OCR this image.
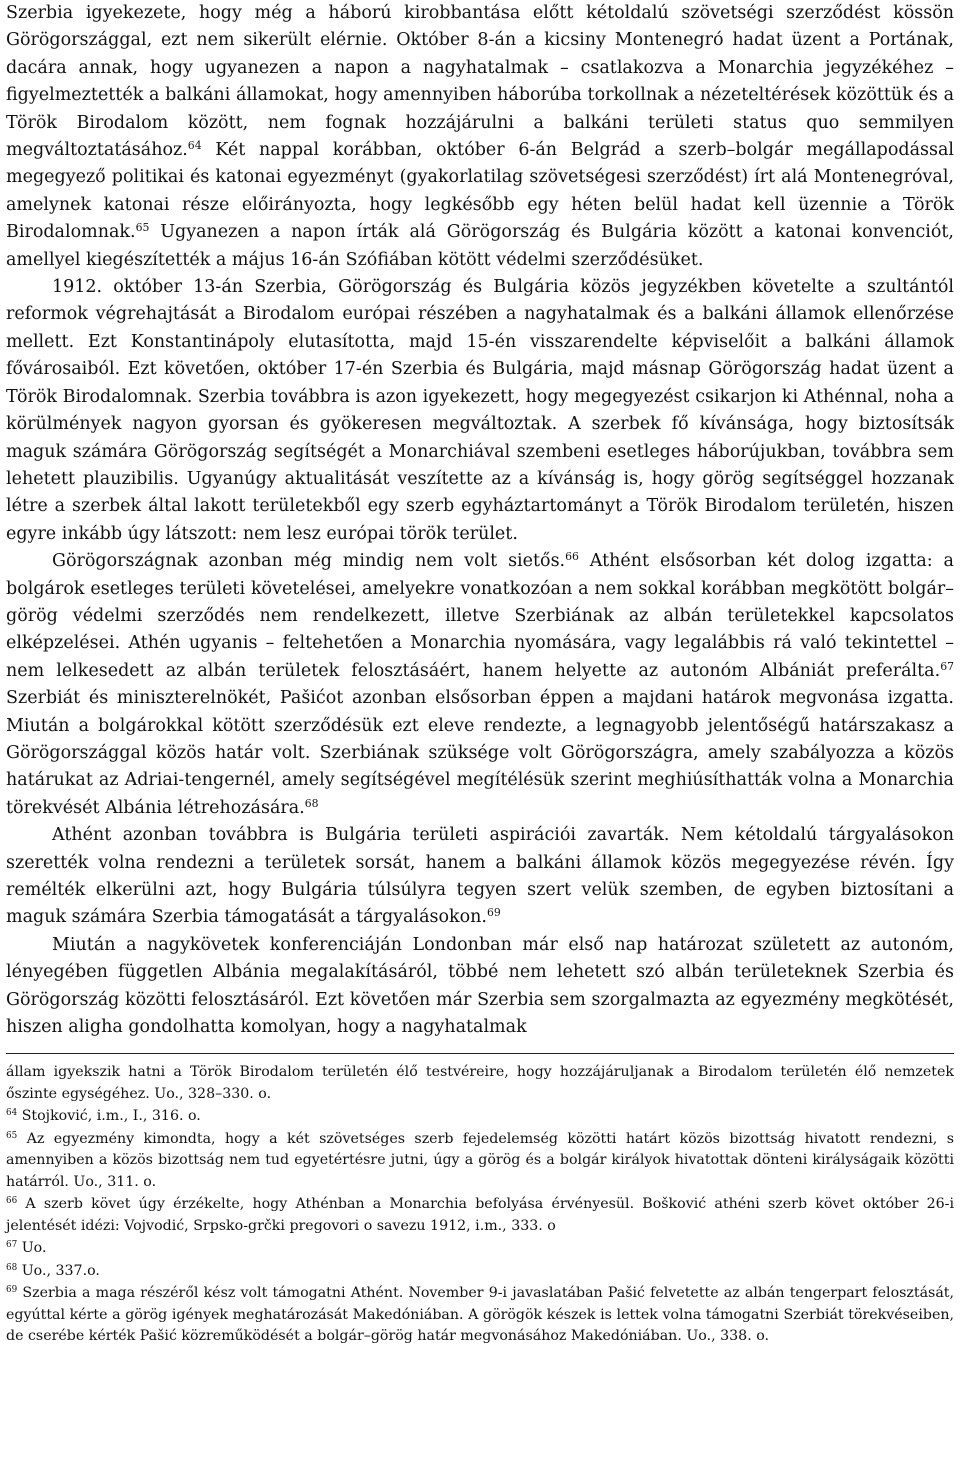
Szerbia igyekezete, hogy még a háború kirobbantása előtt kétoldalú szövetségi szerződést kössön Görögországgal, ezt nem sikerült elérnie. Október 8-án a kicsiny Montenegró hadat üzent a Portának, dacára annak, hogy ugyanezen a napon a nagyhatalmak – csatlakozva a Monarchia jegyzékéhez – figyelmeztették a balkáni államokat, hogy amennyiben háborúba torkollnak a nézeteltérések közöttük és a Török Birodalom között, nem fognak hozzájárulni a balkáni területi status quo semmilyen megváltoztatásához.$^{64}$ Két nappal korábban, október 6-án Belgrád a szerb–bolgár megállapodással megegyező politikai és katonai egyezményt (gyakorlatilag szövetségesi szerződést) írt alá Montenegróval, amelynek katonai része előirányozta, hogy legkésőbb egy héten belül hadat kell üzennie a Török Birodalomnak.$^{65}$ Ugyanezen a napon írták alá Görögország és Bulgária között a katonai konvenciót, amellyel kiegészítették a május 16-án Szófiában kötött védelmi szerződésüket.

1912. október 13-án Szerbia, Görögország és Bulgária közös jegyzékben követelte a szultántól reformok végrehajtását a Birodalom európai részében a nagyhatalmak és a balkáni államok ellenőrzése mellett. Ezt Konstantinápoly elutasította, majd 15-én visszarendelte képviselőit a balkáni államok fővárosaiból. Ezt követően, október 17-én Szerbia és Bulgária, majd másnap Görögország hadat üzent a Török Birodalomnak. Szerbia továbbra is azon igyekezett, hogy megegyezést csikarjon ki Athénnal, noha a körülmények nagyon gyorsan és gyökeresen megváltoztak. A szerbek fő kívánsága, hogy biztosítsák maguk számára Görögország segítségét a Monarchiával szembeni esetleges háborújukban, továbbra sem lehetett plauzibilis. Ugyanúgy aktualitását veszítette az a kívánság is, hogy görög segítséggel hozzanak létre a szerbek által lakott területekből egy szerb egyháztartományt a Török Birodalom területén, hiszen egyre inkább úgy látszott: nem lesz európai török terület.

Görögországnak azonban még mindig nem volt sietős.$^{66}$ Athént elsősorban két dolog izgatta: a bolgárok esetleges területi követelései, amelyekre vonatkozóan a nem sokkal korábban megkötött bolgár–görög védelmi szerződés nem rendelkezett, illetve Szerbiának az albán területekkel kapcsolatos elképzelései. Athén ugyanis – feltehetően a Monarchia nyomására, vagy legalábbis rá való tekintettel – nem lelkesedett az albán területek felosztásáért, hanem helyette az autonóm Albániát preferálta.$^{67}$ Szerbiát és miniszterelnökét, Pašićot azonban elsősorban éppen a majdani határok megvonása izgatta. Miután a bolgárokkal kötött szerződésük ezt eleve rendezte, a legnagyobb jelentőségű határszakasz a Görögországgal közös határ volt. Szerbiának szüksége volt Görögországra, amely szabályozza a közös határukat az Adriai-tengernél, amely segítségével megítélésük szerint meghiúsíthatták volna a Monarchia törekvését Albánia létrehozására.$^{68}$

Athént azonban továbbra is Bulgária területi aspirációi zavarták. Nem kétoldalú tárgyalásokon szerették volna rendezni a területek sorsát, hanem a balkáni államok közös megegyezése révén. Így remélték elkerülni azt, hogy Bulgária túlsúlyra tegyen szert velük szemben, de egyben biztosítani a maguk számára Szerbia támogatását a tárgyalásokon.$^{69}$

Miután a nagykövetek konferenciáján Londonban már első nap határozat született az autonóm, lényegében független Albánia megalakításáról, többé nem lehetett szó albán területeknek Szerbia és Görögország közötti felosztásáról. Ezt követően már Szerbia sem szorgalmazta az egyezmény megkötését, hiszen aligha gondolhatta komolyan, hogy a nagyhatalmak

állam igyekszik hatni a Török Birodalom területén élő testvéreire, hogy hozzájáruljanak a Birodalom területén élő nemzetek őszinte egységéhez. Uo., 328–330. o.

$^{64}$ Stojković, i.m., I., 316. o.

$^{65}$ Az egyezmény kimondta, hogy a két szövetséges szerb fejedelemség közötti határt közös bizottság hivatott rendezni, s amennyiben a közös bizottság nem tud egyetértésre jutni, úgy a görög és a bolgár királyok hivatottak dönteni királyságaik közötti határról. Uo., 311. o.

$^{66}$ A szerb követ úgy érzékelte, hogy Athénban a Monarchia befolyása érvényesül. Bošković athéni szerb követ október 26-i jelentését idézi: Vojvodić, Srpsko-grčki pregovori o savezu 1912, i.m., 333. o

$^{67}$ Uo.

$^{68}$ Uo., 337.o.

$^{69}$ Szerbia a maga részéről kész volt támogatni Athént. November 9-i javaslatában Pašić felvetette az albán tengerpart felosztását, egyúttal kérte a görög igények meghatározását Makedóniában. A görögök készek is lettek volna támogatni Szerbiát törekvéseiben, de cserébe kérték Pašić közreműködését a bolgár–görög határ megvonásához Makedóniában. Uo., 338. o.
